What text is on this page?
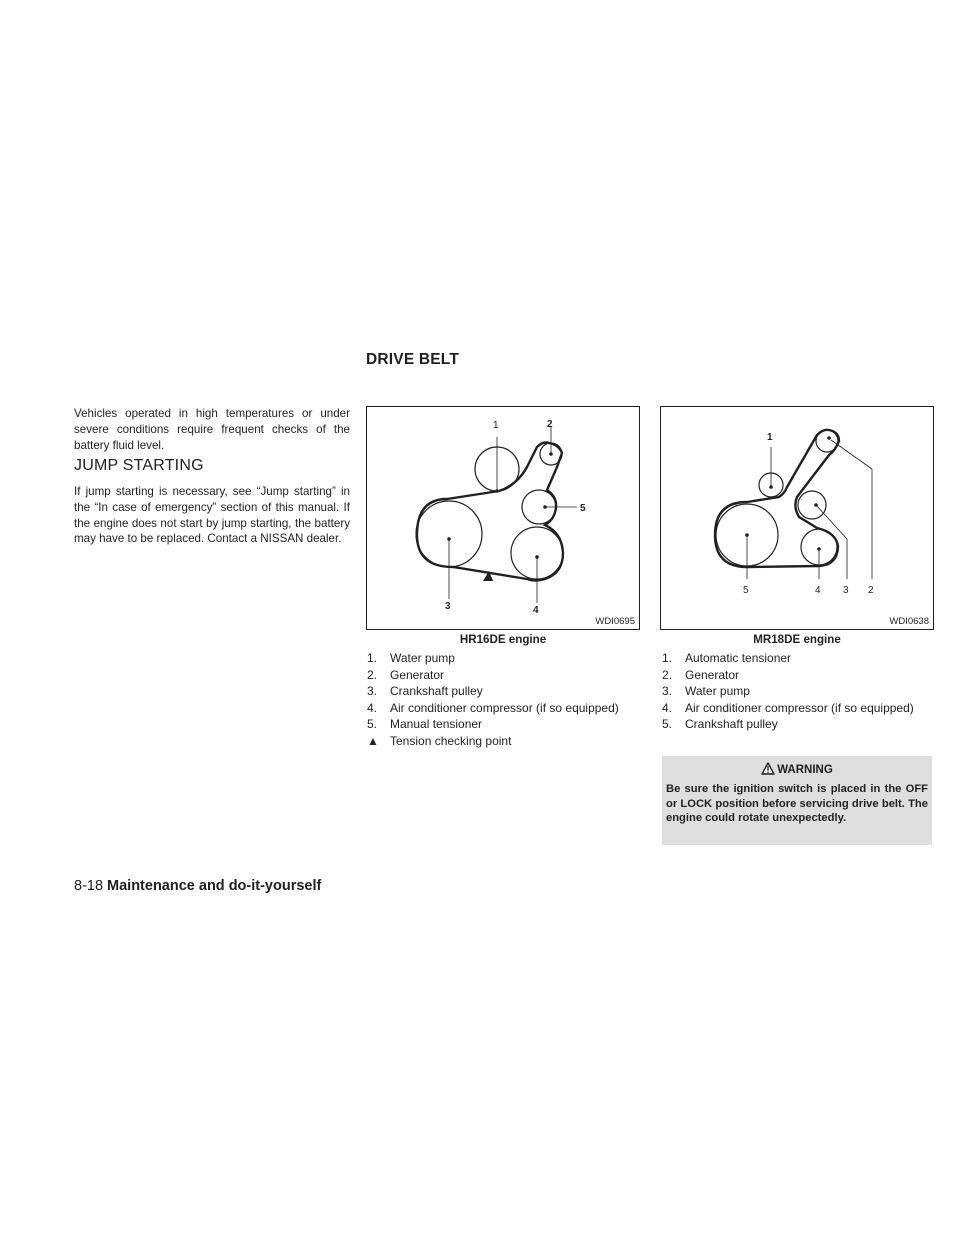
DRIVE BELT

Vehicles operated in high temperatures or under severe conditions require frequent checks of the battery fluid level.

JUMP STARTING

If jump starting is necessary, see “Jump starting” in the “In case of emergency” section of this manual. If the engine does not start by jump starting, the battery may have to be replaced. Contact a NISSAN dealer.

1	2
5
3	4
WDI0695

HR16DE engine

1
5	4 3 2
WDI0638

MR18DE engine

1. Water pump
2. Generator
3. Crankshaft pulley
4. Air conditioner compressor (if so equipped)
5. Manual tensioner
▲ Tension checking point
1. Automatic tensioner
2. Generator
3. Water pump
4. Air conditioner compressor (if so equipped)
5. Crankshaft pulley
WARNING

Be sure the ignition switch is placed in the OFF or LOCK position before servicing drive belt. The engine could rotate unexpectedly.

8-18 Maintenance and do-it-yourself
